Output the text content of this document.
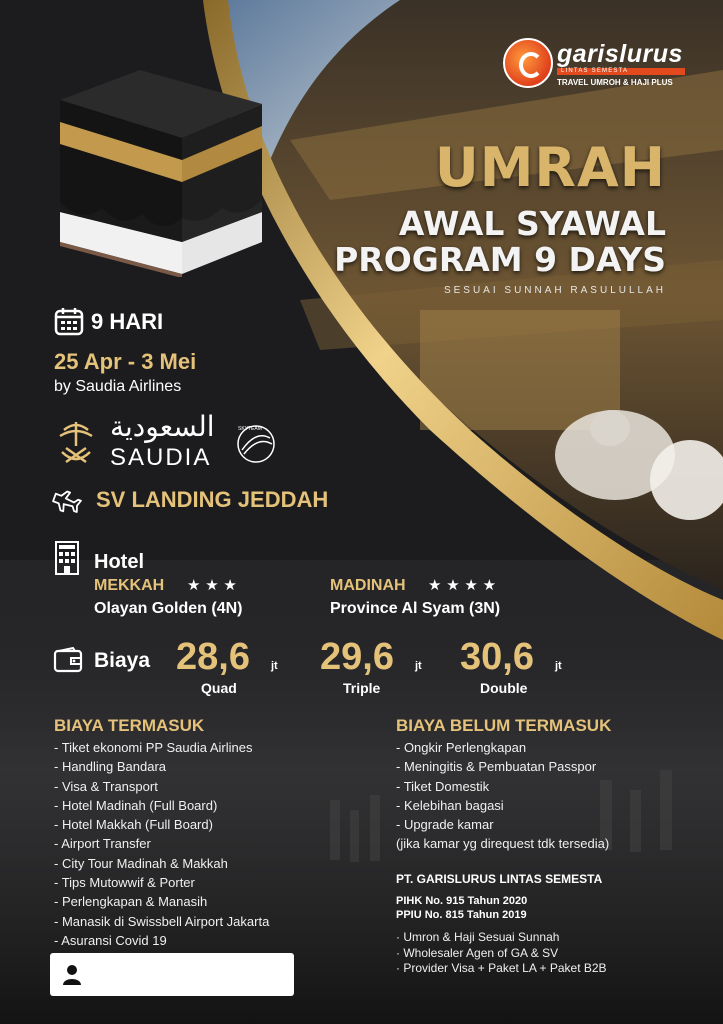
garislurus
LINTAS SEMESTA
TRAVEL UMROH & HAJI PLUS
UMRAH
AWAL SYAWAL
PROGRAM 9 DAYS
SESUAI SUNNAH RASULULLAH
9 HARI
25 Apr - 3 Mei
by Saudia Airlines
السعودية
SAUDIA
SKYTEAM
SV LANDING JEDDAH
Hotel
MEKKAH ★ ★ ★
Olayan Golden (4N)
MADINAH ★ ★ ★ ★
Province Al Syam (3N)
Biaya 28,6 jt
Quad
29,6 jt
Triple
30,6 jt
Double
BIAYA TERMASUK
- Tiket ekonomi PP Saudia Airlines
- Handling Bandara
- Visa & Transport
- Hotel Madinah (Full Board)
- Hotel Makkah (Full Board)
- Airport Transfer
- City Tour Madinah & Makkah
- Tips Mutowwif & Porter
- Perlengkapan & Manasih
- Manasik di Swissbell Airport Jakarta
- Asuransi Covid 19
BIAYA BELUM TERMASUK
- Ongkir Perlengkapan
- Meningitis & Pembuatan Passpor
- Tiket Domestik
- Kelebihan bagasi
- Upgrade kamar
(jika kamar yg direquest tdk tersedia)
PT. GARISLURUS LINTAS SEMESTA
PIHK No. 915 Tahun 2020
PPIU No. 815 Tahun 2019
· Umron & Haji Sesuai Sunnah
· Wholesaler Agen of GA & SV
· Provider Visa + Paket LA + Paket B2B
